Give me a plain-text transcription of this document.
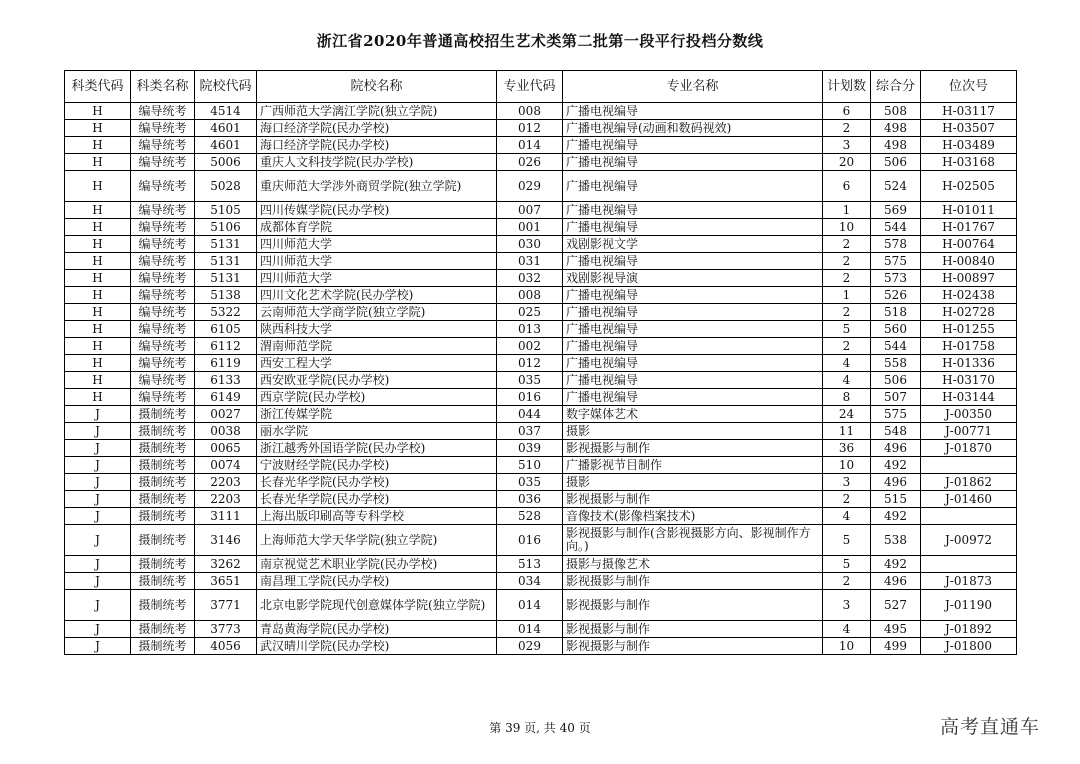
浙江省2020年普通高校招生艺术类第二批第一段平行投档分数线
科类代码	科类名称	院校代码	院校名称	专业代码	专业名称	计划数	综合分	位次号
H	编导统考	4514	广西师范大学漓江学院(独立学院)	008	广播电视编导	6	508	H-03117
H	编导统考	4601	海口经济学院(民办学校)	012	广播电视编导(动画和数码视效)	2	498	H-03507
H	编导统考	4601	海口经济学院(民办学校)	014	广播电视编导	3	498	H-03489
H	编导统考	5006	重庆人文科技学院(民办学校)	026	广播电视编导	20	506	H-03168
H	编导统考	5028	重庆师范大学涉外商贸学院(独立学院)	029	广播电视编导	6	524	H-02505
H	编导统考	5105	四川传媒学院(民办学校)	007	广播电视编导	1	569	H-01011
H	编导统考	5106	成都体育学院	001	广播电视编导	10	544	H-01767
H	编导统考	5131	四川师范大学	030	戏剧影视文学	2	578	H-00764
H	编导统考	5131	四川师范大学	031	广播电视编导	2	575	H-00840
H	编导统考	5131	四川师范大学	032	戏剧影视导演	2	573	H-00897
H	编导统考	5138	四川文化艺术学院(民办学校)	008	广播电视编导	1	526	H-02438
H	编导统考	5322	云南师范大学商学院(独立学院)	025	广播电视编导	2	518	H-02728
H	编导统考	6105	陕西科技大学	013	广播电视编导	5	560	H-01255
H	编导统考	6112	渭南师范学院	002	广播电视编导	2	544	H-01758
H	编导统考	6119	西安工程大学	012	广播电视编导	4	558	H-01336
H	编导统考	6133	西安欧亚学院(民办学校)	035	广播电视编导	4	506	H-03170
H	编导统考	6149	西京学院(民办学校)	016	广播电视编导	8	507	H-03144
J	摄制统考	0027	浙江传媒学院	044	数字媒体艺术	24	575	J-00350
J	摄制统考	0038	丽水学院	037	摄影	11	548	J-00771
J	摄制统考	0065	浙江越秀外国语学院(民办学校)	039	影视摄影与制作	36	496	J-01870
J	摄制统考	0074	宁波财经学院(民办学校)	510	广播影视节目制作	10	492	
J	摄制统考	2203	长春光华学院(民办学校)	035	摄影	3	496	J-01862
J	摄制统考	2203	长春光华学院(民办学校)	036	影视摄影与制作	2	515	J-01460
J	摄制统考	3111	上海出版印刷高等专科学校	528	音像技术(影像档案技术)	4	492	
J	摄制统考	3146	上海师范大学天华学院(独立学院)	016	影视摄影与制作(含影视摄影方向、影视制作方向。)	5	538	J-00972
J	摄制统考	3262	南京视觉艺术职业学院(民办学校)	513	摄影与摄像艺术	5	492	
J	摄制统考	3651	南昌理工学院(民办学校)	034	影视摄影与制作	2	496	J-01873
J	摄制统考	3771	北京电影学院现代创意媒体学院(独立学院)	014	影视摄影与制作	3	527	J-01190
J	摄制统考	3773	青岛黄海学院(民办学校)	014	影视摄影与制作	4	495	J-01892
J	摄制统考	4056	武汉晴川学院(民办学校)	029	影视摄影与制作	10	499	J-01800
第 39 页, 共 40 页	高考直通车
